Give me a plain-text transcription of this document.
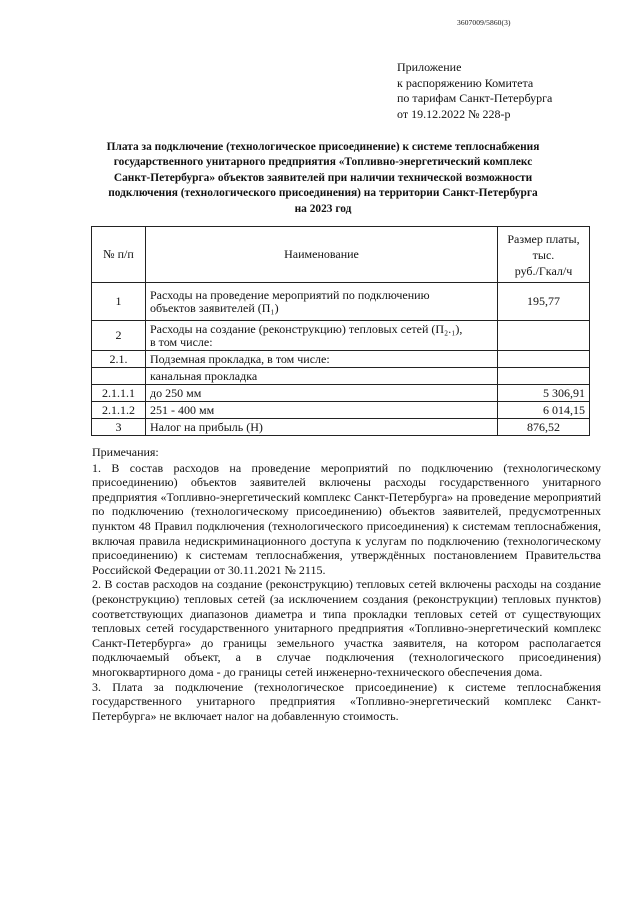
3607009/5860(3)
Приложение
к распоряжению Комитета
по тарифам Санкт-Петербурга
от 19.12.2022 № 228-р
Плата за подключение (технологическое присоединение) к системе теплоснабжения
государственного унитарного предприятия «Топливно-энергетический комплекс
Санкт-Петербурга» объектов заявителей при наличии технической возможности
подключения (технологического присоединения) на территории Санкт-Петербурга
на 2023 год
№ п/п	Наименование	Размер платы,
тыс.
руб./Гкал/ч
1	Расходы на проведение мероприятий по подключению
объектов заявителей (П₁)	195,77
2	Расходы на создание (реконструкцию) тепловых сетей (П₂.₁),
в том числе:	
2.1.	Подземная прокладка, в том числе:	
	канальная прокладка	
2.1.1.1	до 250 мм	5 306,91
2.1.1.2	251 - 400 мм	6 014,15
3	Налог на прибыль (Н)	876,52
Примечания:

1. В состав расходов на проведение мероприятий по подключению (технологическому присоединению) объектов заявителей включены расходы государственного унитарного предприятия «Топливно-энергетический комплекс Санкт-Петербурга» на проведение мероприятий по подключению (технологическому присоединению) объектов заявителей, предусмотренных пунктом 48 Правил подключения (технологического присоединения) к системам теплоснабжения, включая правила недискриминационного доступа к услугам по подключению (технологическому присоединению) к системам теплоснабжения, утверждённых постановлением Правительства Российской Федерации от 30.11.2021 № 2115.

2. В состав расходов на создание (реконструкцию) тепловых сетей включены расходы на создание (реконструкцию) тепловых сетей (за исключением создания (реконструкции) тепловых пунктов) соответствующих диапазонов диаметра и типа прокладки тепловых сетей от существующих тепловых сетей государственного унитарного предприятия «Топливно-энергетический комплекс Санкт-Петербурга» до границы земельного участка заявителя, на котором располагается подключаемый объект, а в случае подключения (технологического присоединения) многоквартирного дома - до границы сетей инженерно-технического обеспечения дома.

3. Плата за подключение (технологическое присоединение) к системе теплоснабжения государственного унитарного предприятия «Топливно-энергетический комплекс Санкт-Петербурга» не включает налог на добавленную стоимость.
